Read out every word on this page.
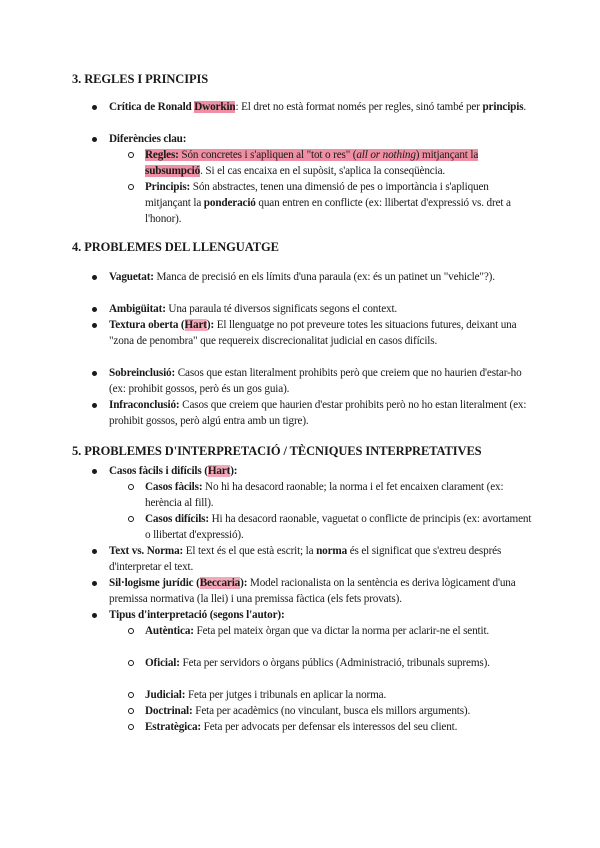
3. REGLES I PRINCIPIS

Crítica de Ronald Dworkin: El dret no està format només per regles, sinó també per principis.

Diferències clau:

Regles: Són concretes i s'apliquen al "tot o res" (all or nothing) mitjançant la subsumpció. Si el cas encaixa en el supòsit, s'aplica la conseqüència.

Principis: Són abstractes, tenen una dimensió de pes o importància i s'apliquen mitjançant la ponderació quan entren en conflicte (ex: llibertat d'expressió vs. dret a l'honor).

4. PROBLEMES DEL LLENGUATGE

Vaguetat: Manca de precisió en els límits d'una paraula (ex: és un patinet un "vehicle"?).

Ambigüitat: Una paraula té diversos significats segons el context.

Textura oberta (Hart): El llenguatge no pot preveure totes les situacions futures, deixant una "zona de penombra" que requereix discrecionalitat judicial en casos difícils.

Sobreinclusió: Casos que estan literalment prohibits però que creiem que no haurien d'estar-ho (ex: prohibit gossos, però és un gos guia).

Infraconclusió: Casos que creiem que haurien d'estar prohibits però no ho estan literalment (ex: prohibit gossos, però algú entra amb un tigre).

5. PROBLEMES D'INTERPRETACIÓ / TÈCNIQUES INTERPRETATIVES

Casos fàcils i difícils (Hart):

Casos fàcils: No hi ha desacord raonable; la norma i el fet encaixen clarament (ex: herència al fill).

Casos difícils: Hi ha desacord raonable, vaguetat o conflicte de principis (ex: avortament o llibertat d'expressió).

Text vs. Norma: El text és el que està escrit; la norma és el significat que s'extreu després d'interpretar el text.

Sil·logisme jurídic (Beccaria): Model racionalista on la sentència es deriva lògicament d'una premissa normativa (la llei) i una premissa fàctica (els fets provats).

Tipus d'interpretació (segons l'autor):

Autèntica: Feta pel mateix òrgan que va dictar la norma per aclarir-ne el sentit.

Oficial: Feta per servidors o òrgans públics (Administració, tribunals suprems).

Judicial: Feta per jutges i tribunals en aplicar la norma.

Doctrinal: Feta per acadèmics (no vinculant, busca els millors arguments).

Estratègica: Feta per advocats per defensar els interessos del seu client.
